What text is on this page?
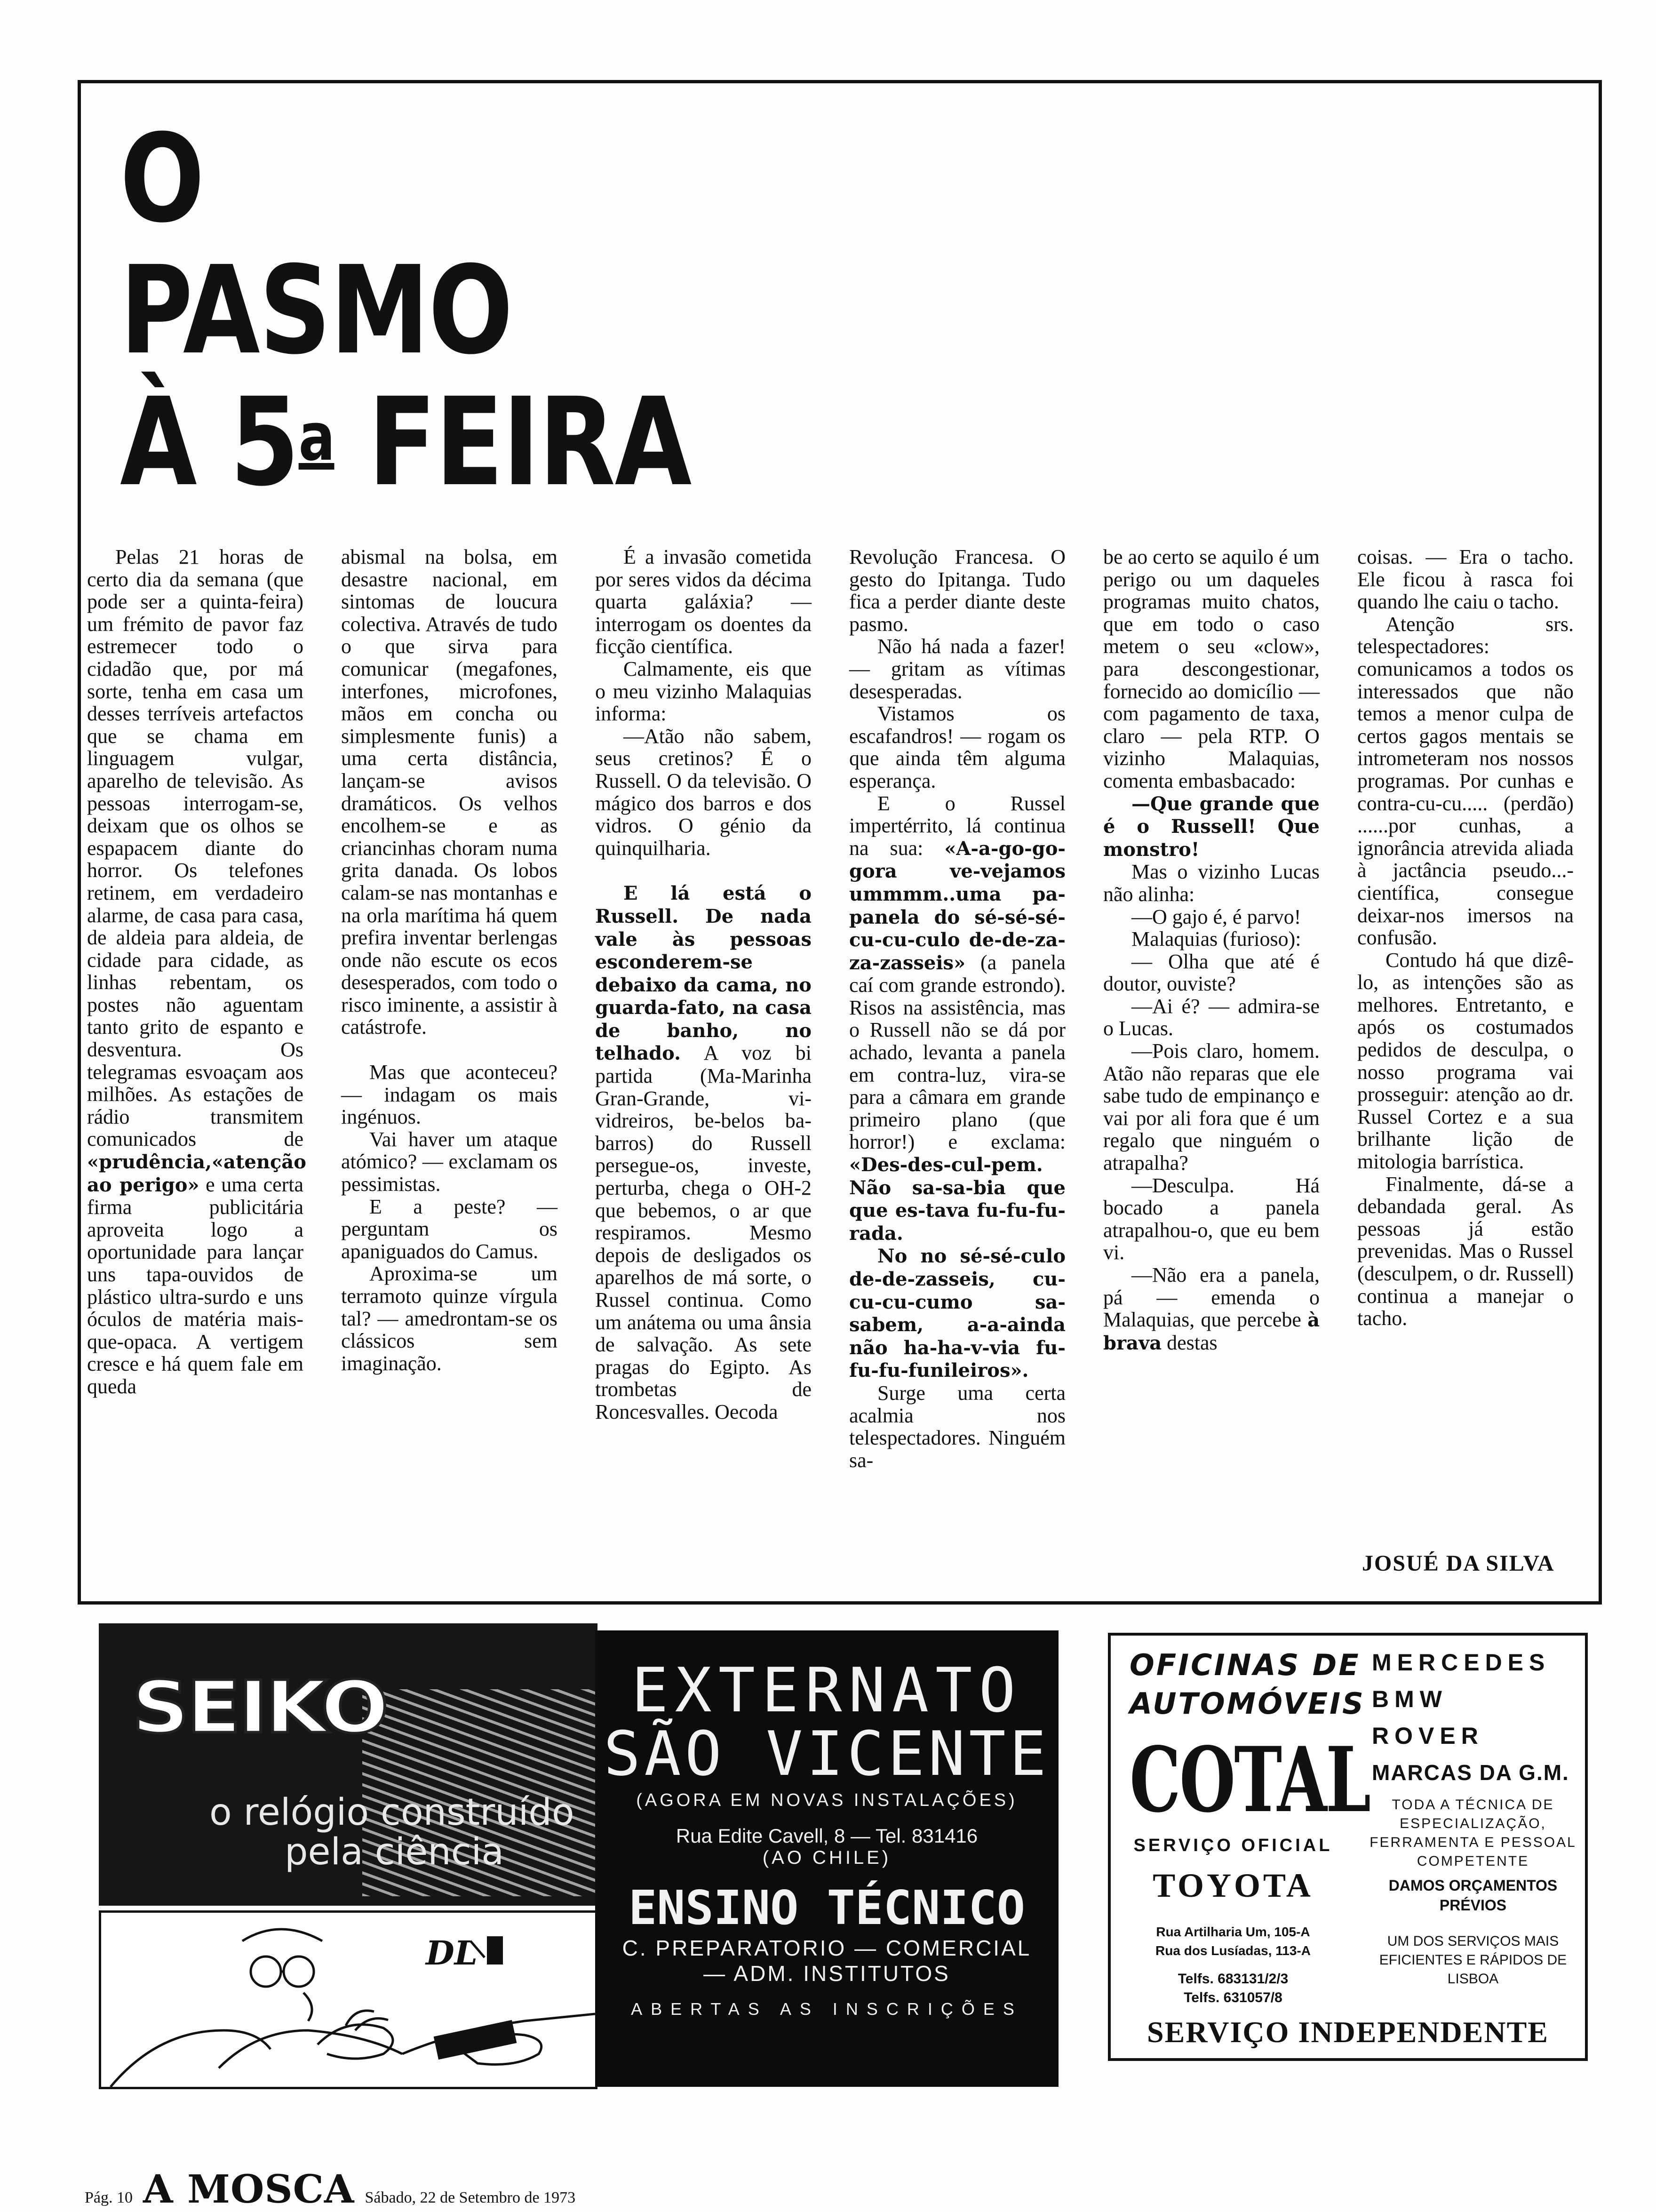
O
PASMO
À 5$^a$ FEIRA

Pelas 21 horas de certo dia da semana (que pode ser a quinta-feira) um frémito de pavor faz estremecer todo o cidadão que, por má sorte, tenha em casa um desses terríveis artefactos que se chama em linguagem vulgar, aparelho de televisão. As pessoas interrogam-se, deixam que os olhos se espapacem diante do horror. Os telefones retinem, em verdadeiro alarme, de casa para casa, de aldeia para aldeia, de cidade para cidade, as linhas rebentam, os postes não aguentam tanto grito de espanto e desventura. Os telegramas esvoaçam aos milhões. As estações de rádio transmitem comunicados de «prudência,«atenção ao perigo» e uma certa firma publicitária aproveita logo a oportunidade para lançar uns tapa-ouvidos de plástico ultra-surdo e uns óculos de matéria mais-que-opaca. A vertigem cresce e há quem fale em queda

abismal na bolsa, em desastre nacional, em sintomas de loucura colectiva. Através de tudo o que sirva para comunicar (megafones, interfones, microfones, mãos em concha ou simplesmente funis) a uma certa distância, lançam-se avisos dramáticos. Os velhos encolhem-se e as criancinhas choram numa grita danada. Os lobos calam-se nas montanhas e na orla marítima há quem prefira inventar berlengas onde não escute os ecos desesperados, com todo o risco iminente, a assistir à catástrofe.

Mas que aconteceu? — indagam os mais ingénuos.

Vai haver um ataque atómico? — exclamam os pessimistas.

E a peste? — perguntam os apaniguados do Camus.

Aproxima-se um terramoto quinze vírgula tal? — amedrontam-se os clássicos sem imaginação.

É a invasão cometida por seres vidos da décima quarta galáxia? — interrogam os doentes da ficção científica.

Calmamente, eis que o meu vizinho Malaquias informa:

—Atão não sabem, seus cretinos? É o Russell. O da televisão. O mágico dos barros e dos vidros. O génio da quinquilharia.

E lá está o Russell. De nada vale às pessoas esconderem-se debaixo da cama, no guarda-fato, na casa de banho, no telhado. A voz bi partida (Ma-Marinha Gran-Grande, vi-vidreiros, be-belos ba-barros) do Russell persegue-os, investe, perturba, chega o OH-2 que bebemos, o ar que respiramos. Mesmo depois de desligados os aparelhos de má sorte, o Russel continua. Como um anátema ou uma ânsia de salvação. As sete pragas do Egipto. As trombetas de Roncesvalles. Oecoda

Revolução Francesa. O gesto do Ipitanga. Tudo fica a perder diante deste pasmo.

Não há nada a fazer! — gritam as vítimas desesperadas.

Vistamos os escafandros! — rogam os que ainda têm alguma esperança.

E o Russel impertérrito, lá continua na sua: «A-a-go-go-gora ve-vejamos ummmm..uma pa-panela do sé-sé-sé-cu-cu-culo de-de-za-za-zasseis» (a panela caí com grande estrondo). Risos na assistência, mas o Russell não se dá por achado, levanta a panela em contra-luz, vira-se para a câmara em grande primeiro plano (que horror!) e exclama: «Des-des-cul-pem. Não sa-sa-bia que que es-tava fu-fu-fu-rada.

No no sé-sé-culo de-de-zasseis, cu-cu-cu-cumo sa-sabem, a-a-ainda não ha-ha-v-via fu-fu-fu-funileiros».

Surge uma certa acalmia nos telespectadores. Ninguém sa-

be ao certo se aquilo é um perigo ou um daqueles programas muito chatos, que em todo o caso metem o seu «clow», para descongestionar, fornecido ao domicílio — com pagamento de taxa, claro — pela RTP. O vizinho Malaquias, comenta embasbacado:

—Que grande que é o Russell! Que monstro!

Mas o vizinho Lucas não alinha:

—O gajo é, é parvo!

Malaquias (furioso):

— Olha que até é doutor, ouviste?

—Ai é? — admira-se o Lucas.

—Pois claro, homem. Atão não reparas que ele sabe tudo de empinanço e vai por ali fora que é um regalo que ninguém o atrapalha?

—Desculpa. Há bocado a panela atrapalhou-o, que eu bem vi.

—Não era a panela, pá — emenda o Malaquias, que percebe à brava destas

coisas. — Era o tacho. Ele ficou à rasca foi quando lhe caiu o tacho.

Atenção srs. telespectadores: comunicamos a todos os interessados que não temos a menor culpa de certos gagos mentais se intrometeram nos nossos programas. Por cunhas e contra-cu-cu..... (perdão) ......por cunhas, a ignorância atrevida aliada à jactância pseudo...- científica, consegue deixar-nos imersos na confusão.

Contudo há que dizê-lo, as intenções são as melhores. Entretanto, e após os costumados pedidos de desculpa, o nosso programa vai prosseguir: atenção ao dr. Russel Cortez e a sua brilhante lição de mitologia barrística.

Finalmente, dá-se a debandada geral. As pessoas já estão prevenidas. Mas o Russel (desculpem, o dr. Russell) continua a manejar o tacho.

JOSUÉ DA SILVA
SEIKO
o relógio construído
pela ciência
DL
EXTERNATO
SÃO VICENTE
(AGORA EM NOVAS INSTALAÇÕES)
Rua Edite Cavell, 8 — Tel. 831416
(AO CHILE)
ENSINO TÉCNICO
C. PREPARATORIO — COMERCIAL
— ADM. INSTITUTOS
ABERTAS AS INSCRIÇÕES
OFICINAS DE
AUTOMÓVEIS
COTAL
SERVIÇO OFICIAL
TOYOTA
Rua Artilharia Um, 105-A
Rua dos Lusíadas, 113-A
Telfs. 683131/2/3
Telfs. 631057/8
MERCEDES
BMW
ROVER
MARCAS DA G.M.
TODA A TÉCNICA DE ESPECIALIZAÇÃO, FERRAMENTA E PESSOAL COMPETENTE
DAMOS ORÇAMENTOS PRÉVIOS
UM DOS SERVIÇOS MAIS EFICIENTES E RÁPIDOS DE LISBOA
SERVIÇO INDEPENDENTE
Pág. 10 A MOSCA Sábado, 22 de Setembro de 1973
